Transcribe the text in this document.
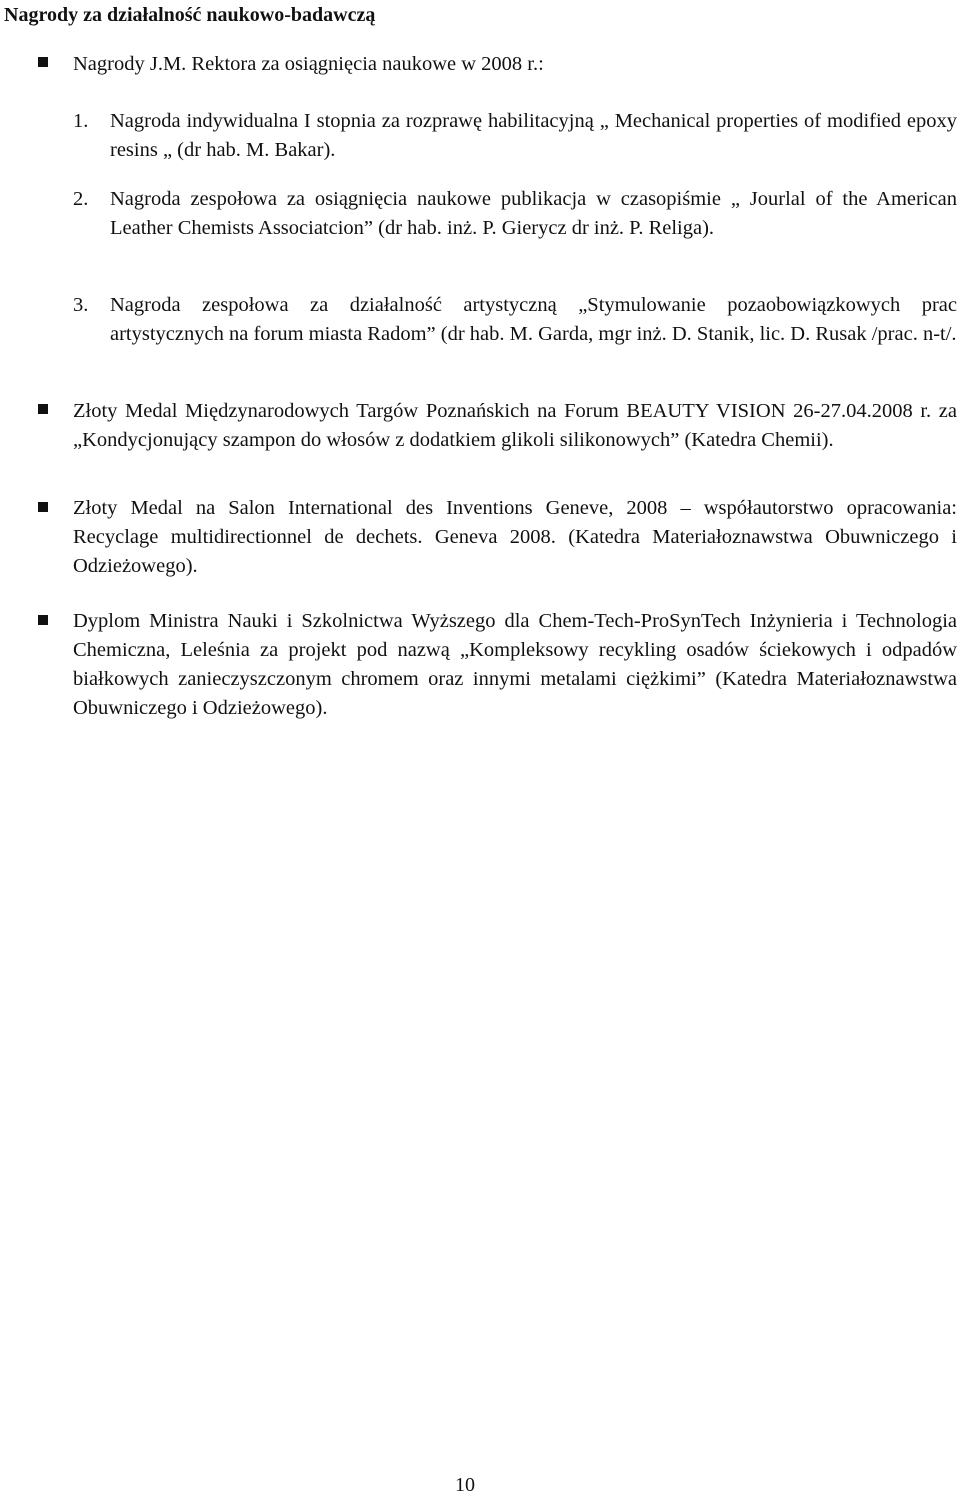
Nagrody za działalność naukowo-badawczą
Nagrody J.M. Rektora za osiągnięcia naukowe w 2008 r.:
1. Nagroda indywidualna I stopnia za rozprawę habilitacyjną „ Mechanical properties of modified epoxy resins „ (dr hab. M. Bakar).
2. Nagroda zespołowa za osiągnięcia naukowe publikacja w czasopiśmie „ Jourlal of the American Leather Chemists Associatcion” (dr hab. inż. P. Gierycz dr inż. P. Religa).
3. Nagroda zespołowa za działalność artystyczną „Stymulowanie pozaobowiązkowych prac artystycznych na forum miasta Radom” (dr hab. M. Garda, mgr inż. D. Stanik, lic. D. Rusak /prac. n-t/.
Złoty Medal Międzynarodowych Targów Poznańskich na Forum BEAUTY VISION 26-27.04.2008 r. za „Kondycjonujący szampon do włosów z dodatkiem glikoli silikonowych” (Katedra Chemii).
Złoty Medal na Salon International des Inventions Geneve, 2008 – współautorstwo opracowania: Recyclage multidirectionnel de dechets. Geneva 2008. (Katedra Materiałoznawstwa Obuwniczego i Odzieżowego).
Dyplom Ministra Nauki i Szkolnictwa Wyższego dla Chem-Tech-ProSynTech Inżynieria i Technologia Chemiczna, Leleśnia za projekt pod nazwą „Kompleksowy recykling osadów ściekowych i odpadów białkowych zanieczyszczonym chromem oraz innymi metalami ciężkimi” (Katedra Materiałoznawstwa Obuwniczego i Odzieżowego).
10
